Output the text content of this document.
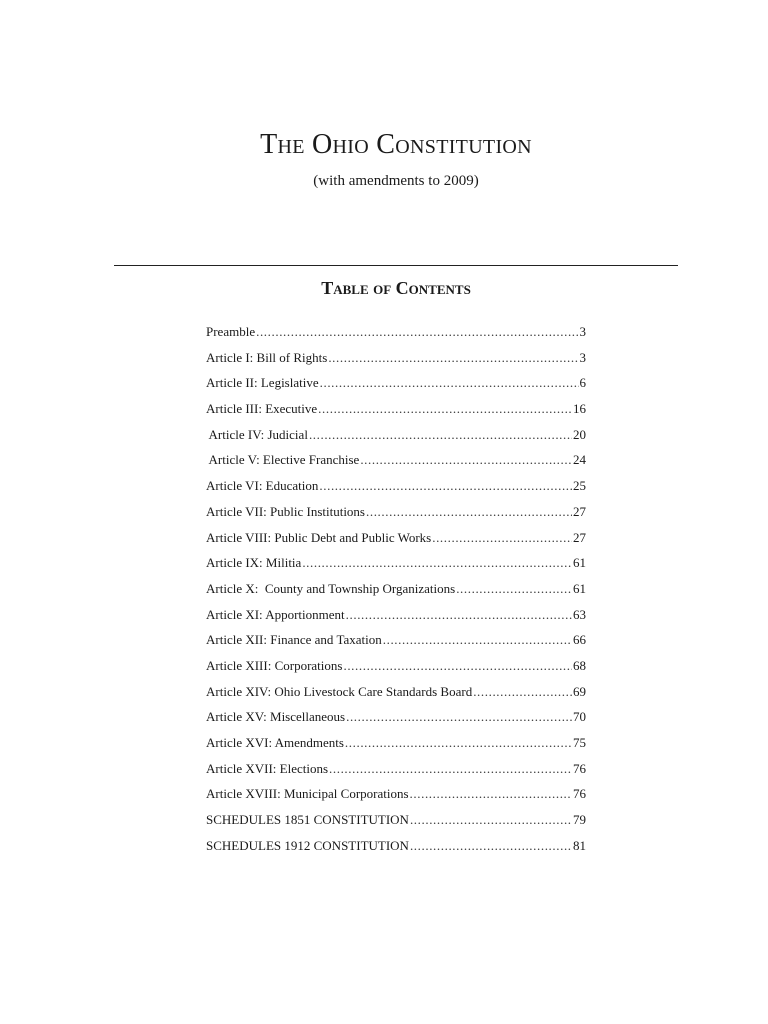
The Ohio Constitution
(with amendments to 2009)
Table of Contents
Preamble .....	3
Article I: Bill of Rights .....	3
Article II: Legislative .....	6
Article III: Executive .....	16
Article IV: Judicial .....	20
Article V: Elective Franchise .....	24
Article VI: Education .....	25
Article VII: Public Institutions .....	27
Article VIII: Public Debt and Public Works .....	27
Article IX: Militia .....	61
Article X:  County and Township Organizations .....	61
Article XI: Apportionment .....	63
Article XII: Finance and Taxation .....	66
Article XIII: Corporations .....	68
Article XIV: Ohio Livestock Care Standards Board .....	69
Article XV: Miscellaneous .....	70
Article XVI: Amendments .....	75
Article XVII: Elections .....	76
Article XVIII: Municipal Corporations .....	76
SCHEDULES 1851 CONSTITUTION .....	79
SCHEDULES 1912 CONSTITUTION .....	81
